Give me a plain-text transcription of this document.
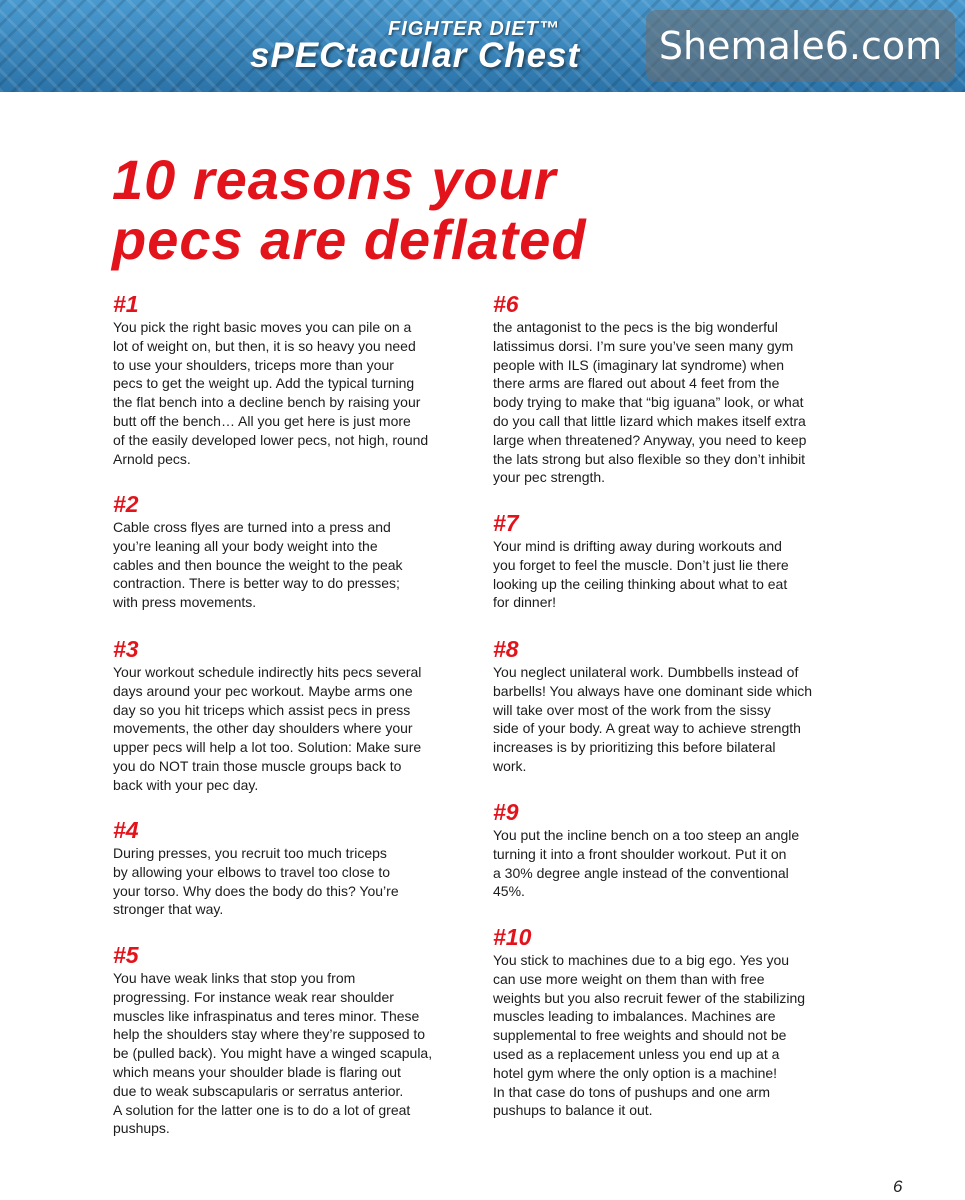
FIGHTER DIET™
sPECtacular Chest Shemale6.com
10 reasons your
pecs are deflated
#1
You pick the right basic moves you can pile on a
lot of weight on, but then, it is so heavy you need
to use your shoulders, triceps more than your
pecs to get the weight up. Add the typical turning
the flat bench into a decline bench by raising your
butt off the bench… All you get here is just more
of the easily developed lower pecs, not high, round
Arnold pecs.
#2
Cable cross flyes are turned into a press and
you’re leaning all your body weight into the
cables and then bounce the weight to the peak
contraction. There is better way to do presses;
with press movements.
#3
Your workout schedule indirectly hits pecs several
days around your pec workout. Maybe arms one
day so you hit triceps which assist pecs in press
movements, the other day shoulders where your
upper pecs will help a lot too. Solution: Make sure
you do NOT train those muscle groups back to
back with your pec day.
#4
During presses, you recruit too much triceps
by allowing your elbows to travel too close to
your torso. Why does the body do this? You’re
stronger that way.
#5
You have weak links that stop you from
progressing. For instance weak rear shoulder
muscles like infraspinatus and teres minor. These
help the shoulders stay where they’re supposed to
be (pulled back). You might have a winged scapula,
which means your shoulder blade is flaring out
due to weak subscapularis or serratus anterior.
A solution for the latter one is to do a lot of great
pushups.
#6
the antagonist to the pecs is the big wonderful
latissimus dorsi. I’m sure you’ve seen many gym
people with ILS (imaginary lat syndrome) when
there arms are flared out about 4 feet from the
body trying to make that “big iguana” look, or what
do you call that little lizard which makes itself extra
large when threatened? Anyway, you need to keep
the lats strong but also flexible so they don’t inhibit
your pec strength.
#7
Your mind is drifting away during workouts and
you forget to feel the muscle. Don’t just lie there
looking up the ceiling thinking about what to eat
for dinner!
#8
You neglect unilateral work. Dumbbells instead of
barbells! You always have one dominant side which
will take over most of the work from the sissy
side of your body. A great way to achieve strength
increases is by prioritizing this before bilateral
work.
#9
You put the incline bench on a too steep an angle
turning it into a front shoulder workout. Put it on
a 30% degree angle instead of the conventional
45%.
#10
You stick to machines due to a big ego. Yes you
can use more weight on them than with free
weights but you also recruit fewer of the stabilizing
muscles leading to imbalances. Machines are
supplemental to free weights and should not be
used as a replacement unless you end up at a
hotel gym where the only option is a machine!
In that case do tons of pushups and one arm
pushups to balance it out.
6
